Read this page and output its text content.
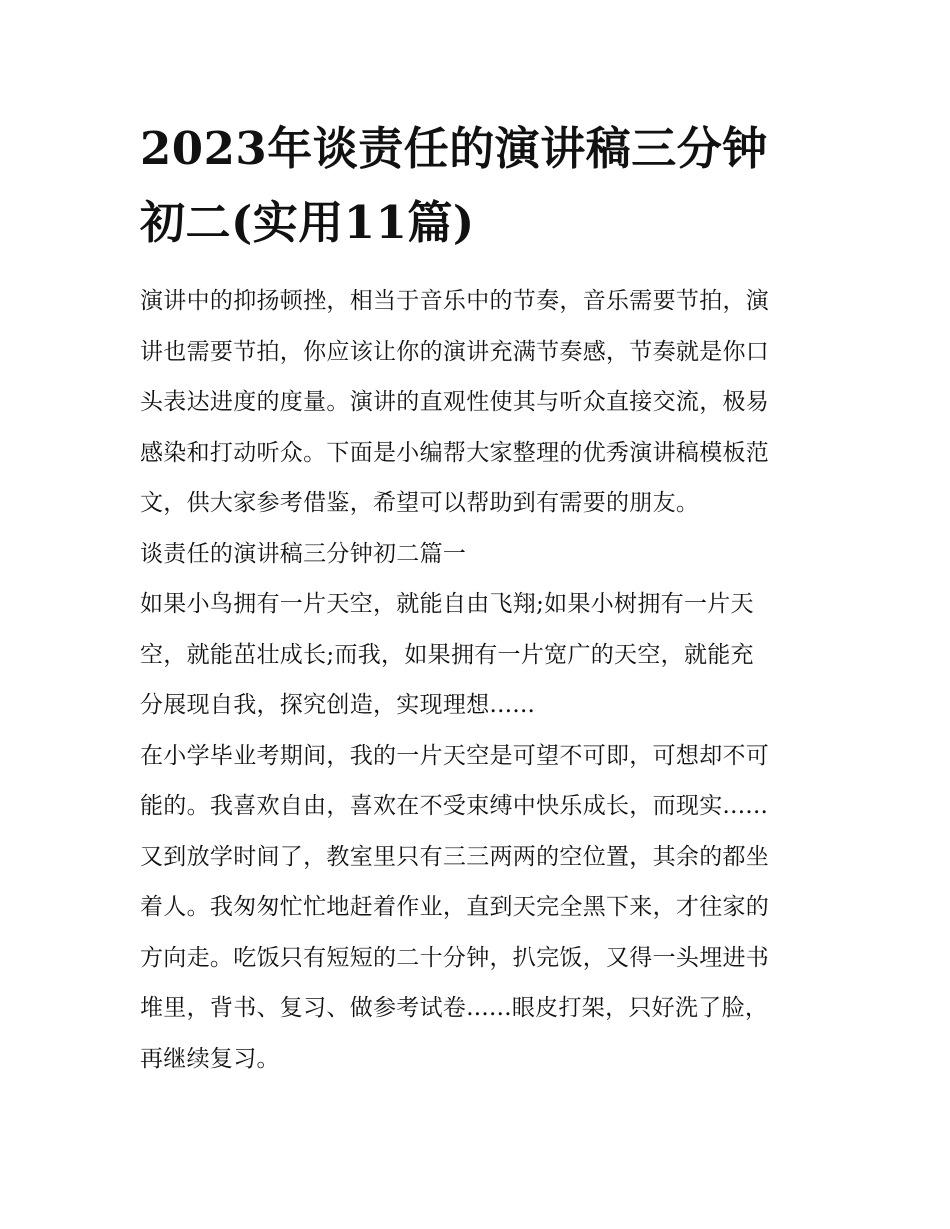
2023年谈责任的演讲稿三分钟
初二(实用11篇)

演讲中的抑扬顿挫，相当于音乐中的节奏，音乐需要节拍，演
讲也需要节拍，你应该让你的演讲充满节奏感，节奏就是你口
头表达进度的度量。演讲的直观性使其与听众直接交流，极易
感染和打动听众。下面是小编帮大家整理的优秀演讲稿模板范
文，供大家参考借鉴，希望可以帮助到有需要的朋友。

谈责任的演讲稿三分钟初二篇一

如果小鸟拥有一片天空，就能自由飞翔;如果小树拥有一片天
空，就能茁壮成长;而我，如果拥有一片宽广的天空，就能充
分展现自我，探究创造，实现理想......

在小学毕业考期间，我的一片天空是可望不可即，可想却不可
能的。我喜欢自由，喜欢在不受束缚中快乐成长，而现实......

又到放学时间了，教室里只有三三两两的空位置，其余的都坐
着人。我匆匆忙忙地赶着作业，直到天完全黑下来，才往家的
方向走。吃饭只有短短的二十分钟，扒完饭，又得一头埋进书
堆里，背书、复习、做参考试卷......眼皮打架，只好洗了脸，
再继续复习。
